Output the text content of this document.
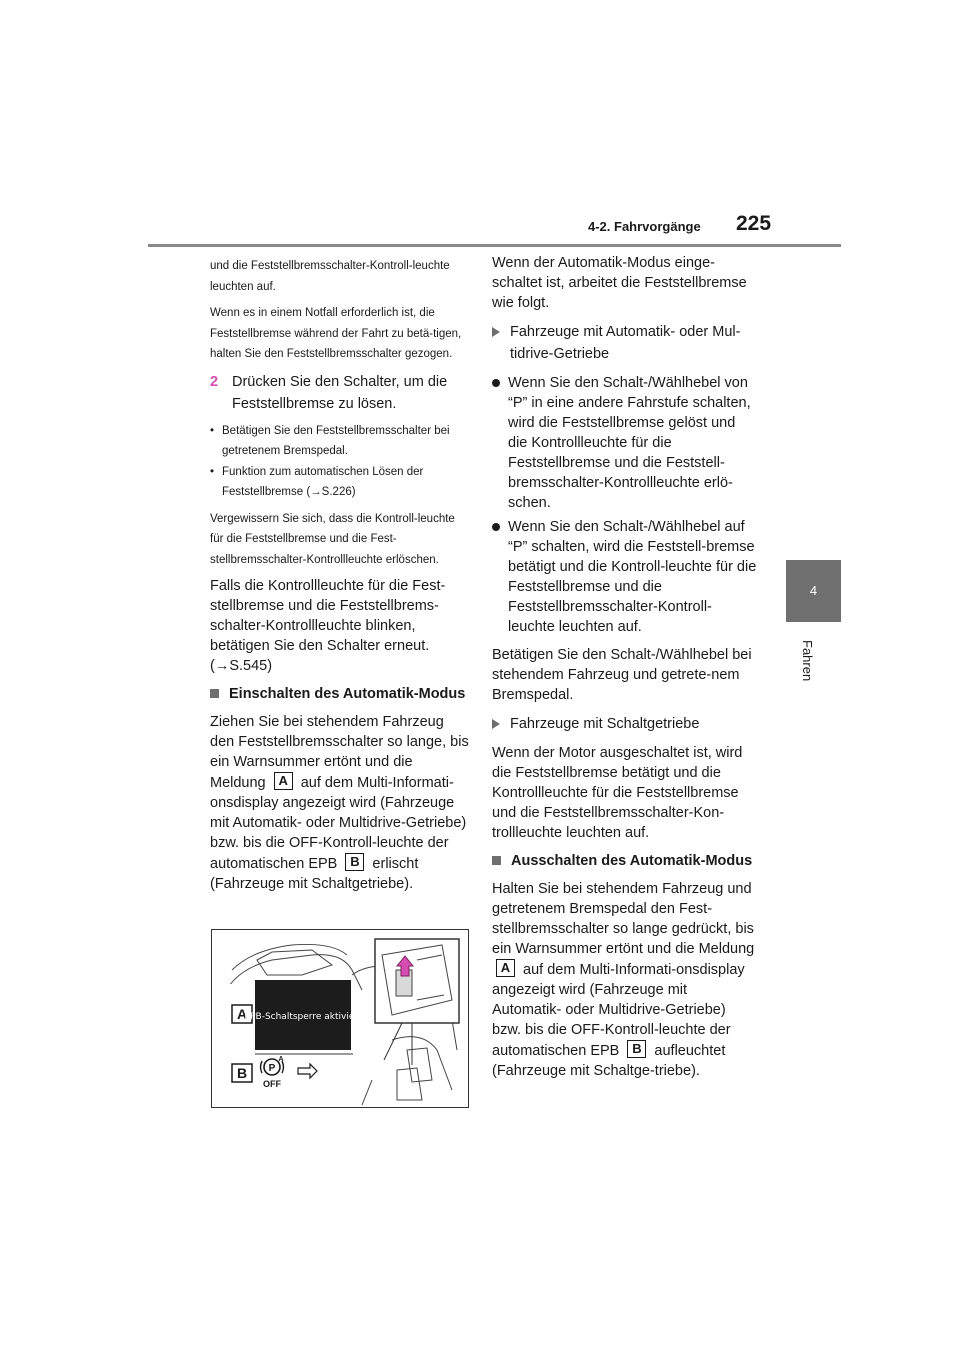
4-2. Fahrvorgänge 225
4
Fahren

und die Feststellbremsschalter-Kontroll-leuchte leuchten auf.

Wenn es in einem Notfall erforderlich ist, die Feststellbremse während der Fahrt zu betä-tigen, halten Sie den Feststellbremsschalter gezogen.

2 Drücken Sie den Schalter, um die Feststellbremse zu lösen.
• Betätigen Sie den Feststellbremsschalter bei getretenem Bremspedal.
• Funktion zum automatischen Lösen der Feststellbremse (→S.226)

Vergewissern Sie sich, dass die Kontroll-leuchte für die Feststellbremse und die Fest-stellbremsschalter-Kontrollleuchte erlöschen.

Falls die Kontrollleuchte für die Fest-stellbremse und die Feststellbrems-schalter-Kontrollleuchte blinken, betätigen Sie den Schalter erneut. (→S.545)

Einschalten des Automatik-Modus

Ziehen Sie bei stehendem Fahrzeug den Feststellbremsschalter so lange, bis ein Warnsummer ertönt und die Meldung A auf dem Multi-Informati-onsdisplay angezeigt wird (Fahrzeuge mit Automatik- oder Multidrive-Getriebe) bzw. bis die OFF-Kontroll-leuchte der automatischen EPB B erlischt (Fahrzeuge mit Schaltgetriebe).

A
B
EPB-Schaltsperre aktiviert
P
A
OFF

Wenn der Automatik-Modus einge-schaltet ist, arbeitet die Feststellbremse wie folgt.

Fahrzeuge mit Automatik- oder Mul-tidrive-Getriebe
Wenn Sie den Schalt-/Wählhebel von “P” in eine andere Fahrstufe schalten, wird die Feststellbremse gelöst und die Kontrollleuchte für die Feststellbremse und die Feststell-bremsschalter-Kontrollleuchte erlö-schen.
Wenn Sie den Schalt-/Wählhebel auf “P” schalten, wird die Feststell-bremse betätigt und die Kontroll-leuchte für die Feststellbremse und die Feststellbremsschalter-Kontroll-leuchte leuchten auf.

Betätigen Sie den Schalt-/Wählhebel bei stehendem Fahrzeug und getrete-nem Bremspedal.

Fahrzeuge mit Schaltgetriebe

Wenn der Motor ausgeschaltet ist, wird die Feststellbremse betätigt und die Kontrollleuchte für die Feststellbremse und die Feststellbremsschalter-Kon-trollleuchte leuchten auf.

Ausschalten des Automatik-Modus

Halten Sie bei stehendem Fahrzeug und getretenem Bremspedal den Fest-stellbremsschalter so lange gedrückt, bis ein Warnsummer ertönt und die Meldung A auf dem Multi-Informati-onsdisplay angezeigt wird (Fahrzeuge mit Automatik- oder Multidrive-Getriebe) bzw. bis die OFF-Kontroll-leuchte der automatischen EPB B aufleuchtet (Fahrzeuge mit Schaltge-triebe).
